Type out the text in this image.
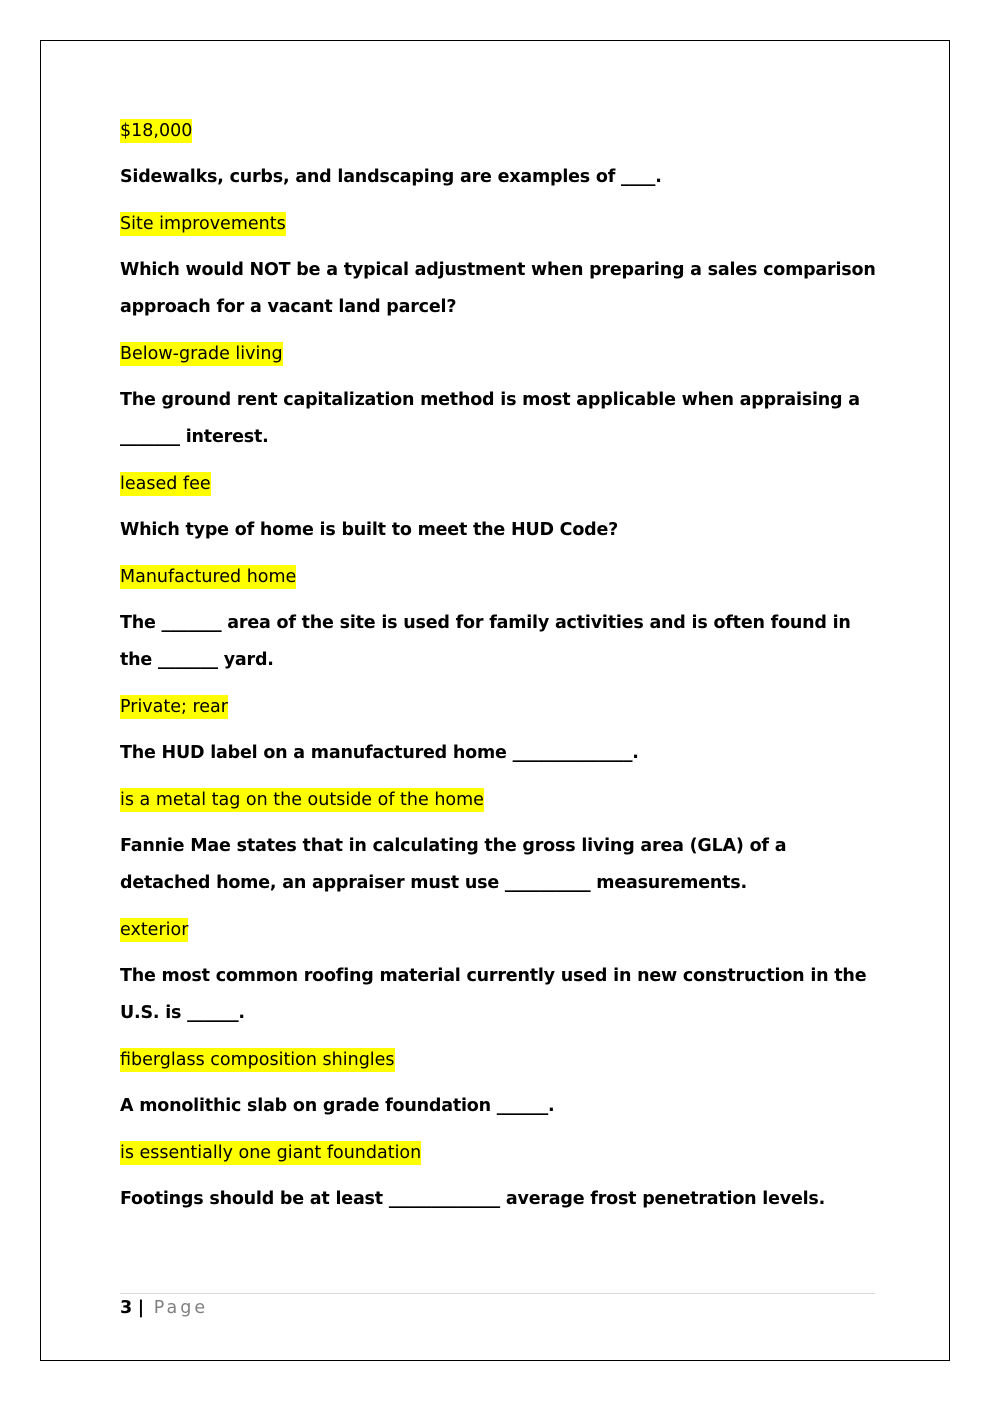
$18,000

Sidewalks, curbs, and landscaping are examples of ____.

Site improvements

Which would NOT be a typical adjustment when preparing a sales comparison approach for a vacant land parcel?

Below-grade living

The ground rent capitalization method is most applicable when appraising a _______ interest.

leased fee

Which type of home is built to meet the HUD Code?

Manufactured home

The _______ area of the site is used for family activities and is often found in the _______ yard.

Private; rear

The HUD label on a manufactured home ______________.

is a metal tag on the outside of the home

Fannie Mae states that in calculating the gross living area (GLA) of a detached home, an appraiser must use __________ measurements.

exterior

The most common roofing material currently used in new construction in the U.S. is ______.

fiberglass composition shingles

A monolithic slab on grade foundation ______.

is essentially one giant foundation

Footings should be at least _____________ average frost penetration levels.

3 | Page
